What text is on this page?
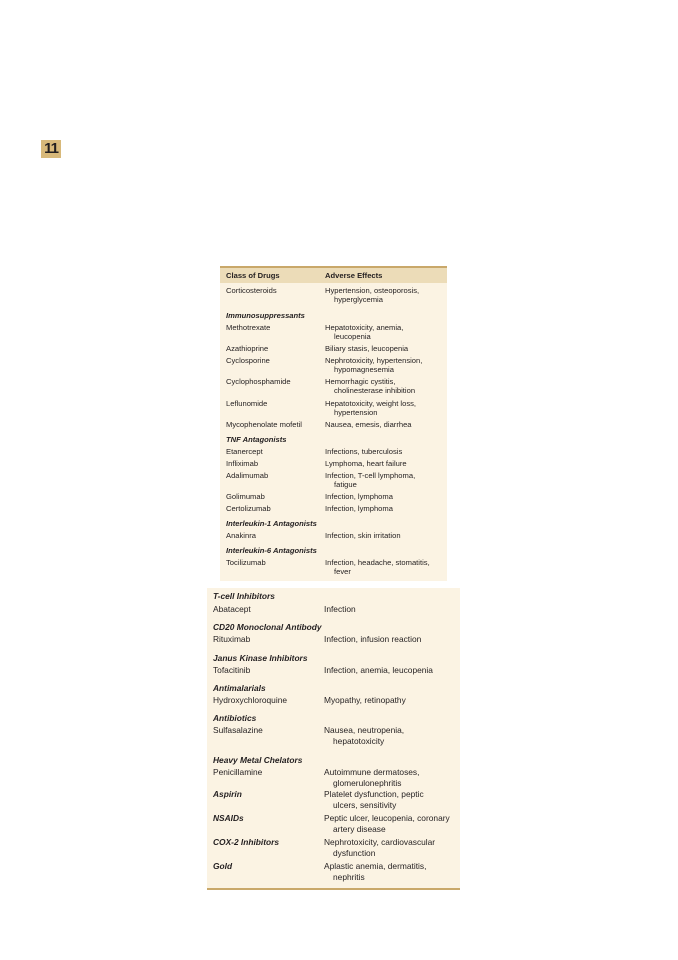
11
Class of Drugs	Adverse Effects
Corticosteroids	Hypertension, osteoporosis,
hyperglycemia
Immunosuppressants
Methotrexate	Hepatotoxicity, anemia,
leucopenia
Azathioprine	Biliary stasis, leucopenia
Cyclosporine	Nephrotoxicity, hypertension,
hypomagnesemia
Cyclophosphamide	Hemorrhagic cystitis,
cholinesterase inhibition
Leflunomide	Hepatotoxicity, weight loss,
hypertension
Mycophenolate mofetil	Nausea, emesis, diarrhea
TNF Antagonists
Etanercept	Infections, tuberculosis
Infliximab	Lymphoma, heart failure
Adalimumab	Infection, T-cell lymphoma,
fatigue
Golimumab	Infection, lymphoma
Certolizumab	Infection, lymphoma
Interleukin-1 Antagonists
Anakinra	Infection, skin irritation
Interleukin-6 Antagonists
Tocilizumab	Infection, headache, stomatitis,
fever
T-cell Inhibitors
Abatacept	Infection
CD20 Monoclonal Antibody
Rituximab	Infection, infusion reaction
Janus Kinase Inhibitors
Tofacitinib	Infection, anemia, leucopenia
Antimalarials
Hydroxychloroquine	Myopathy, retinopathy
Antibiotics
Sulfasalazine	Nausea, neutropenia,
hepatotoxicity
Heavy Metal Chelators
Penicillamine	Autoimmune dermatoses,
glomerulonephritis
Aspirin	Platelet dysfunction, peptic
ulcers, sensitivity
NSAIDs	Peptic ulcer, leucopenia, coronary
artery disease
COX-2 Inhibitors	Nephrotoxicity, cardiovascular
dysfunction
Gold	Aplastic anemia, dermatitis,
nephritis
